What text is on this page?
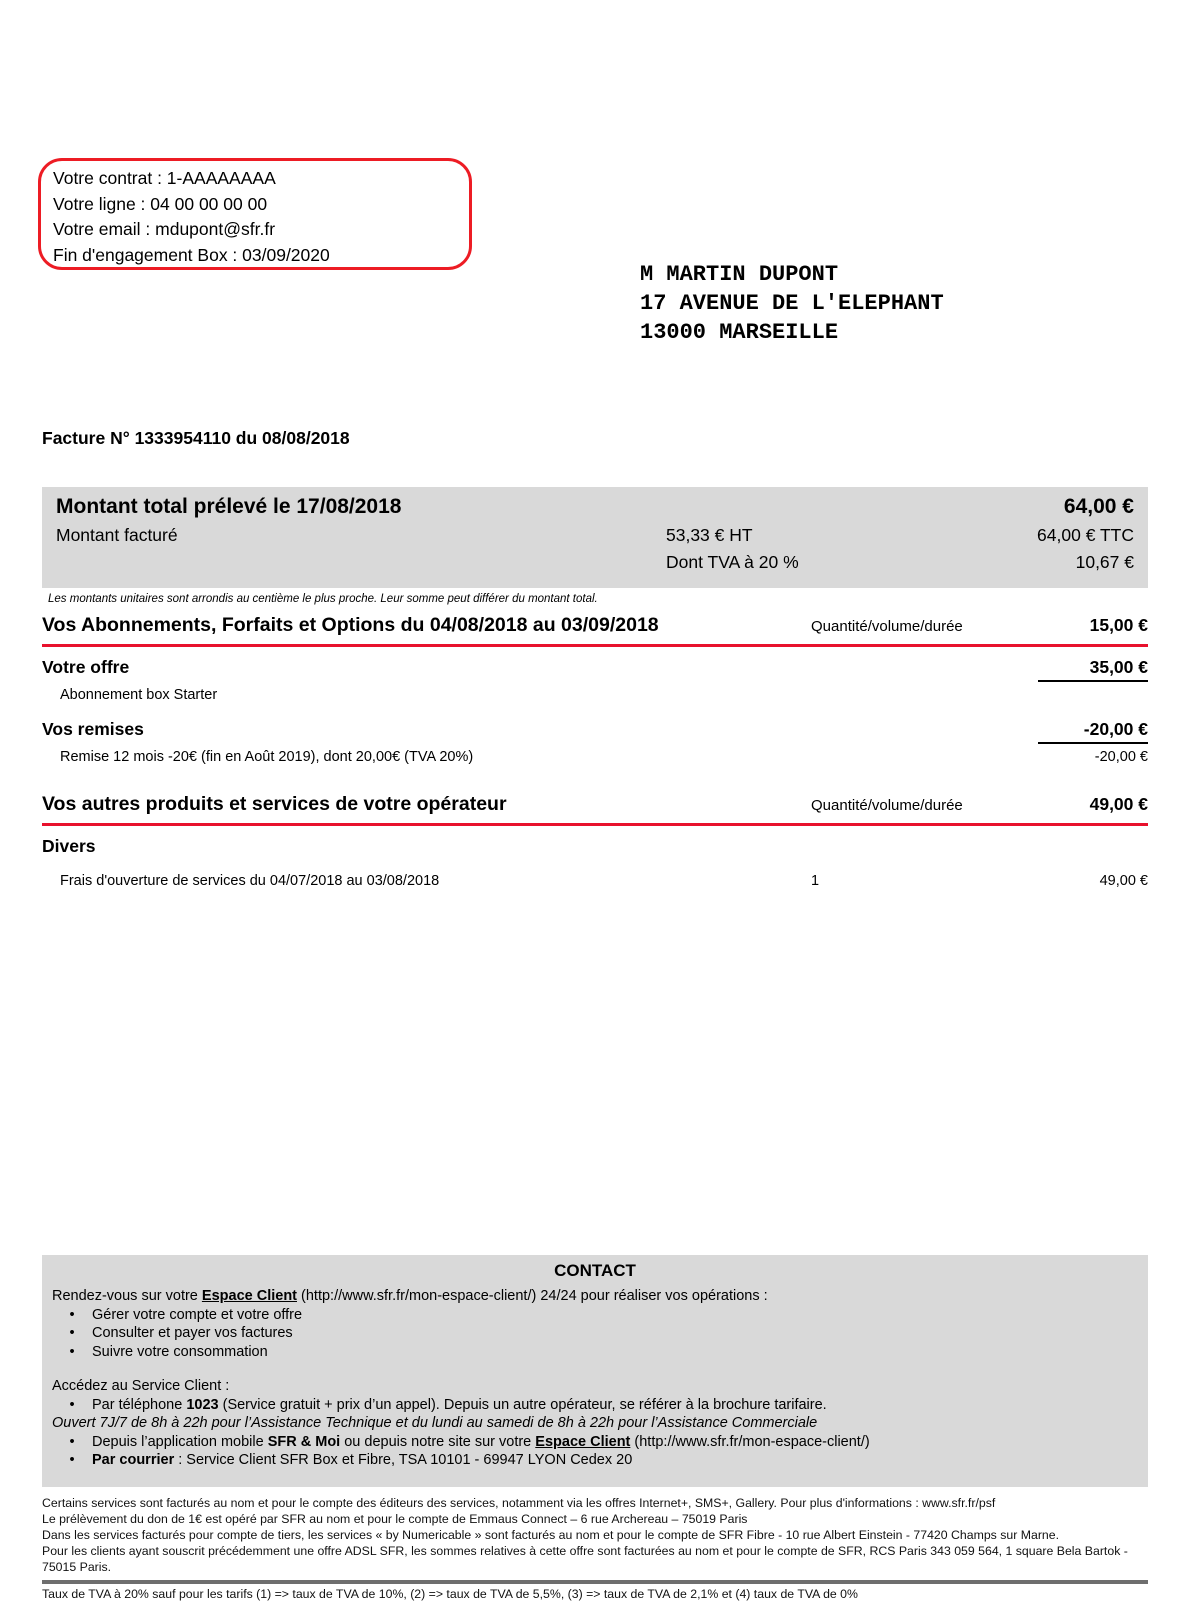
Votre contrat : 1-AAAAAAAA
Votre ligne : 04 00 00 00 00
Votre email : mdupont@sfr.fr
Fin d'engagement Box : 03/09/2020
M MARTIN DUPONT
17 AVENUE DE L'ELEPHANT
13000 MARSEILLE
Facture N° 1333954110 du 08/08/2018
Montant total prélevé le 17/08/2018	64,00 €
Montant facturé	53,33 € HT	64,00 € TTC
Dont TVA à 20 %	10,67 €
Les montants unitaires sont arrondis au centième le plus proche. Leur somme peut différer du montant total.
Vos Abonnements, Forfaits et Options du 04/08/2018 au 03/09/2018	Quantité/volume/durée	15,00 €
Votre offre	35,00 €
Abonnement box Starter
Vos remises	-20,00 €
Remise 12 mois -20€ (fin en Août 2019), dont 20,00€ (TVA 20%)	-20,00 €
Vos autres produits et services de votre opérateur	Quantité/volume/durée	49,00 €
Divers
Frais d'ouverture de services du 04/07/2018 au 03/08/2018	1	49,00 €
CONTACT
Rendez-vous sur votre Espace Client (http://www.sfr.fr/mon-espace-client/) 24/24 pour réaliser vos opérations :
•	Gérer votre compte et votre offre
•	Consulter et payer vos factures
•	Suivre votre consommation
Accédez au Service Client :
•	Par téléphone 1023 (Service gratuit + prix d’un appel). Depuis un autre opérateur, se référer à la brochure tarifaire.
Ouvert 7J/7 de 8h à 22h pour l’Assistance Technique et du lundi au samedi de 8h à 22h pour l’Assistance Commerciale
•	Depuis l’application mobile SFR & Moi ou depuis notre site sur votre Espace Client (http://www.sfr.fr/mon-espace-client/)
•	Par courrier : Service Client SFR Box et Fibre, TSA 10101 - 69947 LYON Cedex 20
Certains services sont facturés au nom et pour le compte des éditeurs des services, notamment via les offres Internet+, SMS+, Gallery. Pour plus d'informations : www.sfr.fr/psf
Le prélèvement du don de 1€ est opéré par SFR au nom et pour le compte de Emmaus Connect – 6 rue Archereau – 75019 Paris
Dans les services facturés pour compte de tiers, les services « by Numericable » sont facturés au nom et pour le compte de SFR Fibre - 10 rue Albert Einstein - 77420 Champs sur Marne.
Pour les clients ayant souscrit précédemment une offre ADSL SFR, les sommes relatives à cette offre sont facturées au nom et pour le compte de SFR, RCS Paris 343 059 564, 1 square Bela Bartok - 75015 Paris.
Taux de TVA à 20% sauf pour les tarifs (1) => taux de TVA de 10%, (2) => taux de TVA de 5,5%, (3) => taux de TVA de 2,1% et (4) taux de TVA de 0%
